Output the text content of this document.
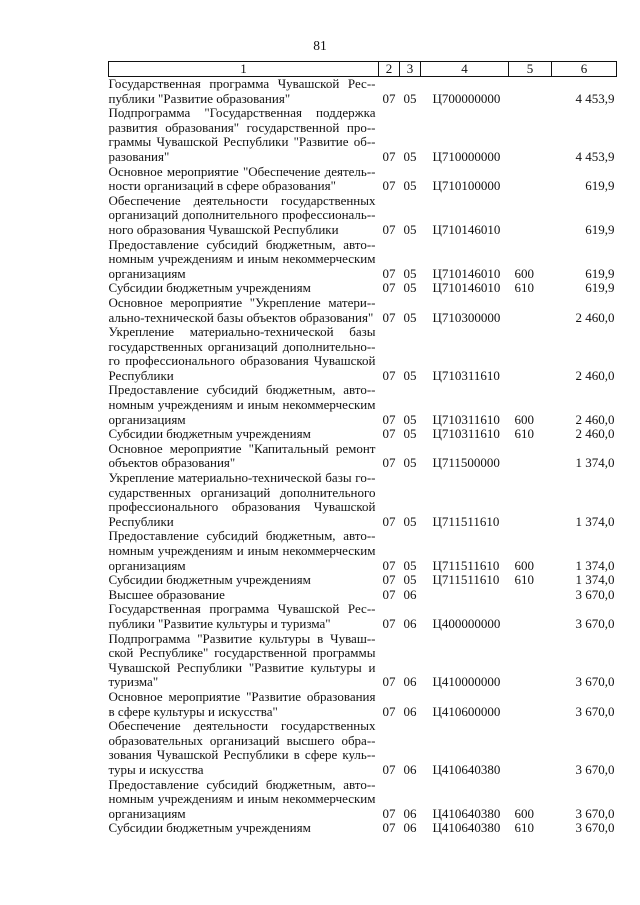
81
1	2	3	4	5	6
Государственная программа Чувашской Рес-публики "Развитие образования"	07	05	Ц700000000		4 453,9
Подпрограмма "Государственная поддержка развития образования" государственной про-граммы Чувашской Республики "Развитие об-разования"	07	05	Ц710000000		4 453,9
Основное мероприятие "Обеспечение деятель-ности организаций в сфере образования"	07	05	Ц710100000		619,9
Обеспечение деятельности государственных организаций дополнительного профессиональ-ного образования Чувашской Республики	07	05	Ц710146010		619,9
Предоставление субсидий бюджетным, авто-номным учреждениям и иным некоммерческим организациям	07	05	Ц710146010	600	619,9
Субсидии бюджетным учреждениям	07	05	Ц710146010	610	619,9
Основное мероприятие "Укрепление матери-ально-технической базы объектов образования"	07	05	Ц710300000		2 460,0
Укрепление материально-технической базы государственных организаций дополнительно-го профессионального образования Чувашской Республики	07	05	Ц710311610		2 460,0
Предоставление субсидий бюджетным, авто-номным учреждениям и иным некоммерческим организациям	07	05	Ц710311610	600	2 460,0
Субсидии бюджетным учреждениям	07	05	Ц710311610	610	2 460,0
Основное мероприятие "Капитальный ремонт объектов образования"	07	05	Ц711500000		1 374,0
Укрепление материально-технической базы го-сударственных организаций дополнительного профессионального образования Чувашской Республики	07	05	Ц711511610		1 374,0
Предоставление субсидий бюджетным, авто-номным учреждениям и иным некоммерческим организациям	07	05	Ц711511610	600	1 374,0
Субсидии бюджетным учреждениям	07	05	Ц711511610	610	1 374,0
Высшее образование	07	06			3 670,0
Государственная программа Чувашской Рес-публики "Развитие культуры и туризма"	07	06	Ц400000000		3 670,0
Подпрограмма "Развитие культуры в Чуваш-ской Республике" государственной программы Чувашской Республики "Развитие культуры и туризма"	07	06	Ц410000000		3 670,0
Основное мероприятие "Развитие образования в сфере культуры и искусства"	07	06	Ц410600000		3 670,0
Обеспечение деятельности государственных образовательных организаций высшего обра-зования Чувашской Республики в сфере куль-туры и искусства	07	06	Ц410640380		3 670,0
Предоставление субсидий бюджетным, авто-номным учреждениям и иным некоммерческим организациям	07	06	Ц410640380	600	3 670,0
Субсидии бюджетным учреждениям	07	06	Ц410640380	610	3 670,0
